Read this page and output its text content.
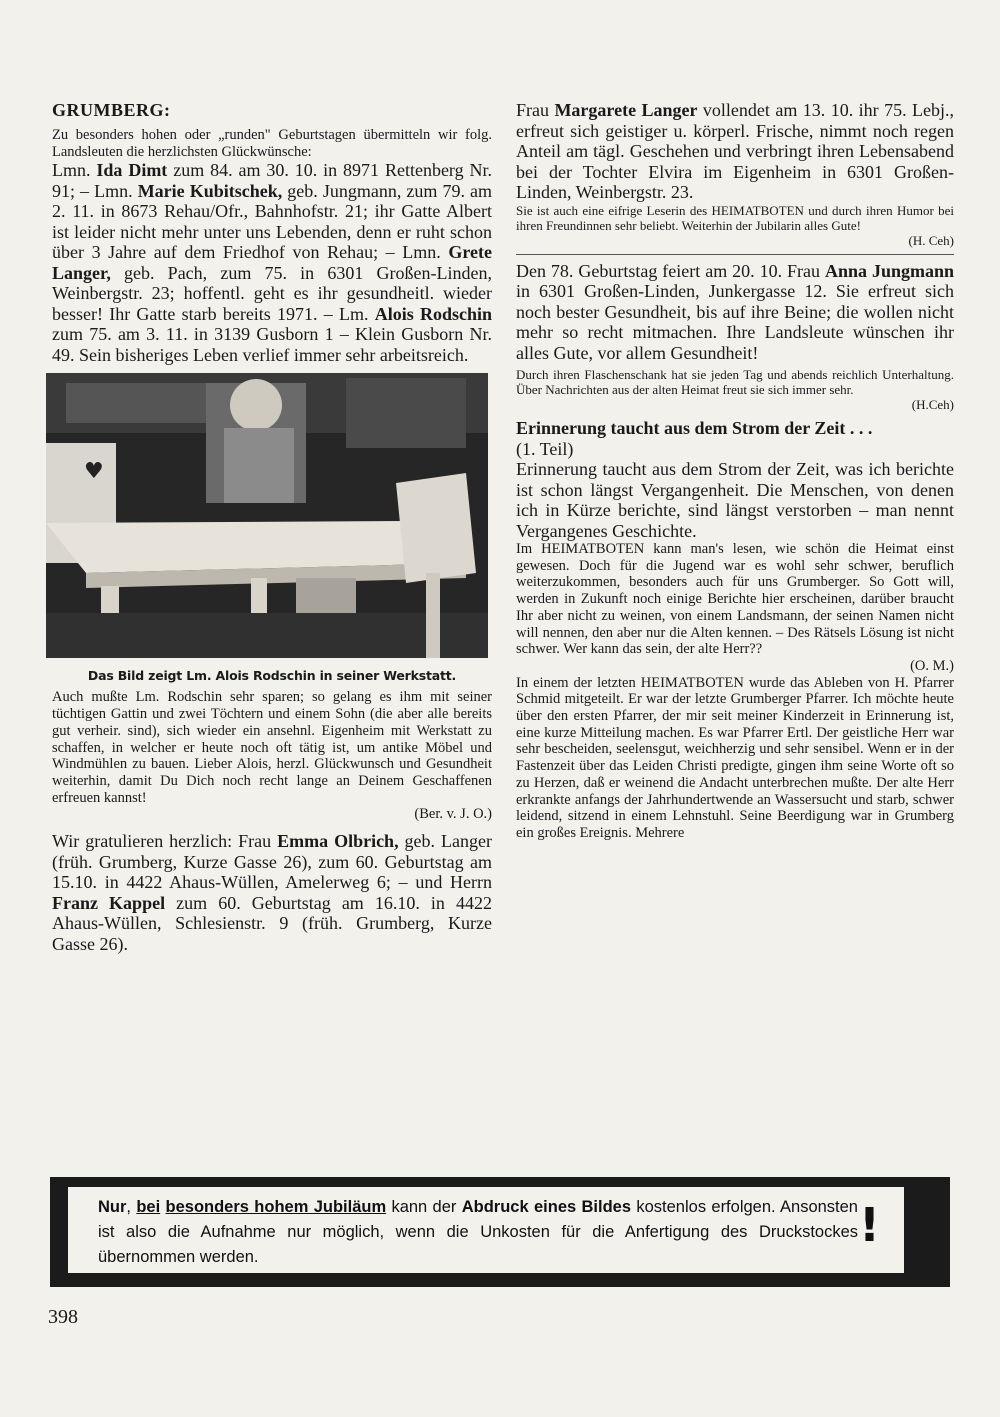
GRUMBERG:

Zu besonders hohen oder „runden" Geburtstagen übermitteln wir folg. Landsleuten die herzlichsten Glückwünsche:

Lmn. Ida Dimt zum 84. am 30. 10. in 8971 Rettenberg Nr. 91; – Lmn. Marie Kubitschek, geb. Jungmann, zum 79. am 2. 11. in 8673 Rehau/Ofr., Bahnhofstr. 21; ihr Gatte Albert ist leider nicht mehr unter uns Lebenden, denn er ruht schon über 3 Jahre auf dem Friedhof von Rehau; – Lmn. Grete Langer, geb. Pach, zum 75. in 6301 Großen-Linden, Weinbergstr. 23; hoffentl. geht es ihr gesundheitl. wieder besser! Ihr Gatte starb bereits 1971. – Lm. Alois Rodschin zum 75. am 3. 11. in 3139 Gusborn 1 – Klein Gusborn Nr. 49. Sein bisheriges Leben verlief immer sehr arbeitsreich.

♥
Das Bild zeigt Lm. Alois Rodschin in seiner Werkstatt.

Auch mußte Lm. Rodschin sehr sparen; so gelang es ihm mit seiner tüchtigen Gattin und zwei Töchtern und einem Sohn (die aber alle bereits gut verheir. sind), sich wieder ein ansehnl. Eigenheim mit Werkstatt zu schaffen, in welcher er heute noch oft tätig ist, um antike Möbel und Windmühlen zu bauen. Lieber Alois, herzl. Glückwunsch und Gesundheit weiterhin, damit Du Dich noch recht lange an Deinem Geschaffenen erfreuen kannst!

(Ber. v. J. O.)

Wir gratulieren herzlich: Frau Emma Olbrich, geb. Langer (früh. Grumberg, Kurze Gasse 26), zum 60. Geburtstag am 15.10. in 4422 Ahaus-Wüllen, Amelerweg 6; – und Herrn Franz Kappel zum 60. Geburtstag am 16.10. in 4422 Ahaus-Wüllen, Schlesienstr. 9 (früh. Grumberg, Kurze Gasse 26).

Frau Margarete Langer vollendet am 13. 10. ihr 75. Lebj., erfreut sich geistiger u. körperl. Frische, nimmt noch regen Anteil am tägl. Geschehen und verbringt ihren Lebensabend bei der Tochter Elvira im Eigenheim in 6301 Großen-Linden, Weinbergstr. 23.

Sie ist auch eine eifrige Leserin des HEIMATBOTEN und durch ihren Humor bei ihren Freundinnen sehr beliebt. Weiterhin der Jubilarin alles Gute!

(H. Ceh)

Den 78. Geburtstag feiert am 20. 10. Frau Anna Jungmann in 6301 Großen-Linden, Junkergasse 12. Sie erfreut sich noch bester Gesundheit, bis auf ihre Beine; die wollen nicht mehr so recht mitmachen. Ihre Landsleute wünschen ihr alles Gute, vor allem Gesundheit!

Durch ihren Flaschenschank hat sie jeden Tag und abends reichlich Unterhaltung. Über Nachrichten aus der alten Heimat freut sie sich immer sehr.

(H.Ceh)

Erinnerung taucht aus dem Strom der Zeit . . .

(1. Teil)

Erinnerung taucht aus dem Strom der Zeit, was ich berichte ist schon längst Vergangenheit. Die Menschen, von denen ich in Kürze berichte, sind längst verstorben – man nennt Vergangenes Geschichte.

Im HEIMATBOTEN kann man's lesen, wie schön die Heimat einst gewesen. Doch für die Jugend war es wohl sehr schwer, beruflich weiterzukommen, besonders auch für uns Grumberger. So Gott will, werden in Zukunft noch einige Berichte hier erscheinen, darüber braucht Ihr aber nicht zu weinen, von einem Landsmann, der seinen Namen nicht will nennen, den aber nur die Alten kennen. – Des Rätsels Lösung ist nicht schwer. Wer kann das sein, der alte Herr??

(O. M.)

In einem der letzten HEIMATBOTEN wurde das Ableben von H. Pfarrer Schmid mitgeteilt. Er war der letzte Grumberger Pfarrer. Ich möchte heute über den ersten Pfarrer, der mir seit meiner Kinderzeit in Erinnerung ist, eine kurze Mitteilung machen. Es war Pfarrer Ertl. Der geistliche Herr war sehr bescheiden, seelensgut, weichherzig und sehr sensibel. Wenn er in der Fastenzeit über das Leiden Christi predigte, gingen ihm seine Worte oft so zu Herzen, daß er weinend die Andacht unterbrechen mußte. Der alte Herr erkrankte anfangs der Jahrhundertwende an Wassersucht und starb, schwer leidend, sitzend in einem Lehnstuhl. Seine Beerdigung war in Grumberg ein großes Ereignis. Mehrere

Nur, bei besonders hohem Jubiläum kann der Abdruck eines Bildes kostenlos erfolgen. Ansonsten ist also die Aufnahme nur möglich, wenn die Unkosten für die Anfertigung des Druckstockes übernommen werden.
!
398
